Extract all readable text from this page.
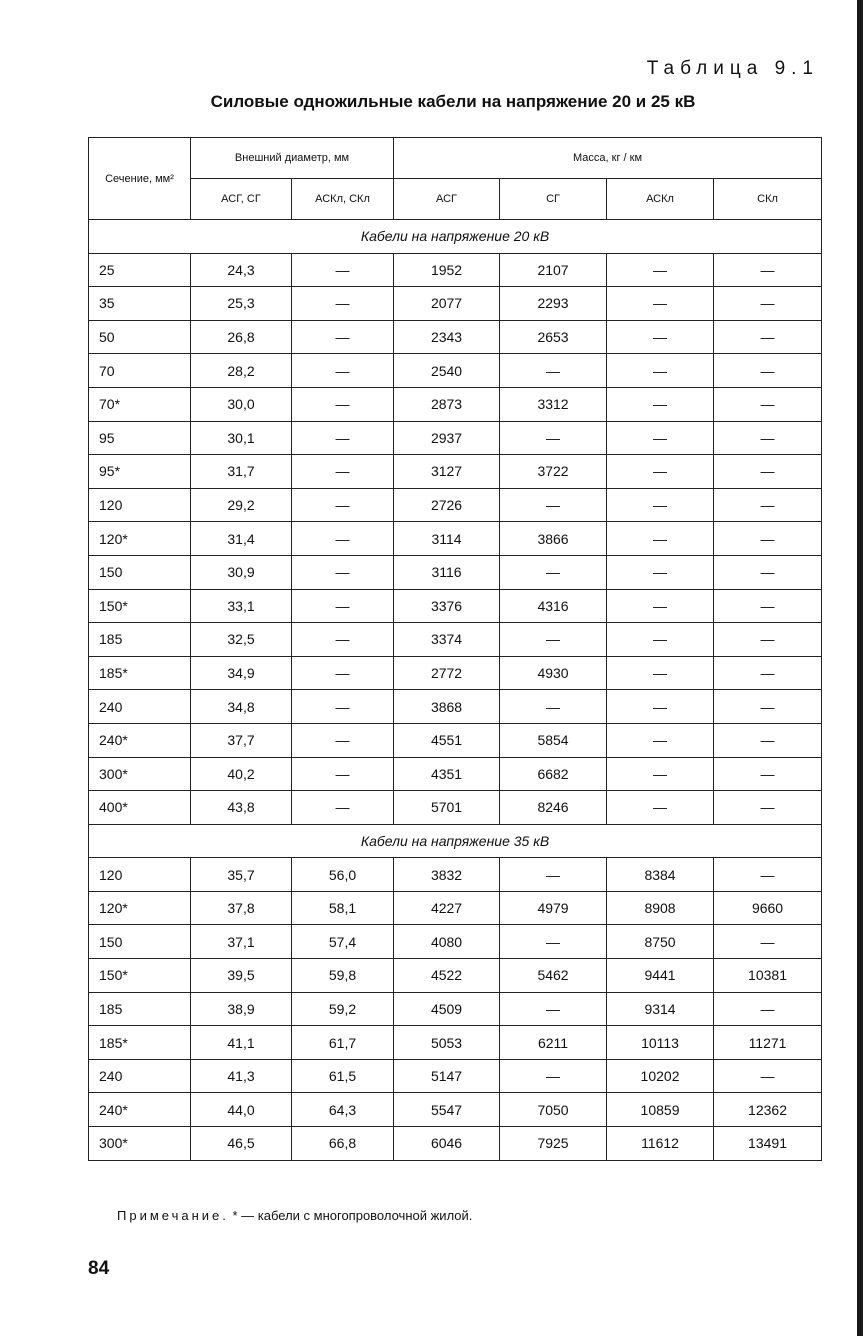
Таблица 9.1
Силовые одножильные кабели на напряжение 20 и 25 кВ
Сечение, мм²	Внешний диаметр, мм		Масса, кг / км			
	АСГ, СГ	АСКл, СКл	АСГ	СГ	АСКл	СКл
Кабели на напряжение 20 кВ						
25	24,3	—	1952	2107	—	—
35	25,3	—	2077	2293	—	—
50	26,8	—	2343	2653	—	—
70	28,2	—	2540	—	—	—
70*	30,0	—	2873	3312	—	—
95	30,1	—	2937	—	—	—
95*	31,7	—	3127	3722	—	—
120	29,2	—	2726	—	—	—
120*	31,4	—	3114	3866	—	—
150	30,9	—	3116	—	—	—
150*	33,1	—	3376	4316	—	—
185	32,5	—	3374	—	—	—
185*	34,9	—	2772	4930	—	—
240	34,8	—	3868	—	—	—
240*	37,7	—	4551	5854	—	—
300*	40,2	—	4351	6682	—	—
400*	43,8	—	5701	8246	—	—
Кабели на напряжение 35 кВ						
120	35,7	56,0	3832	—	8384	—
120*	37,8	58,1	4227	4979	8908	9660
150	37,1	57,4	4080	—	8750	—
150*	39,5	59,8	4522	5462	9441	10381
185	38,9	59,2	4509	—	9314	—
185*	41,1	61,7	5053	6211	10113	11271
240	41,3	61,5	5147	—	10202	—
240*	44,0	64,3	5547	7050	10859	12362
300*	46,5	66,8	6046	7925	11612	13491
Примечание. * — кабели с многопроволочной жилой.
84
